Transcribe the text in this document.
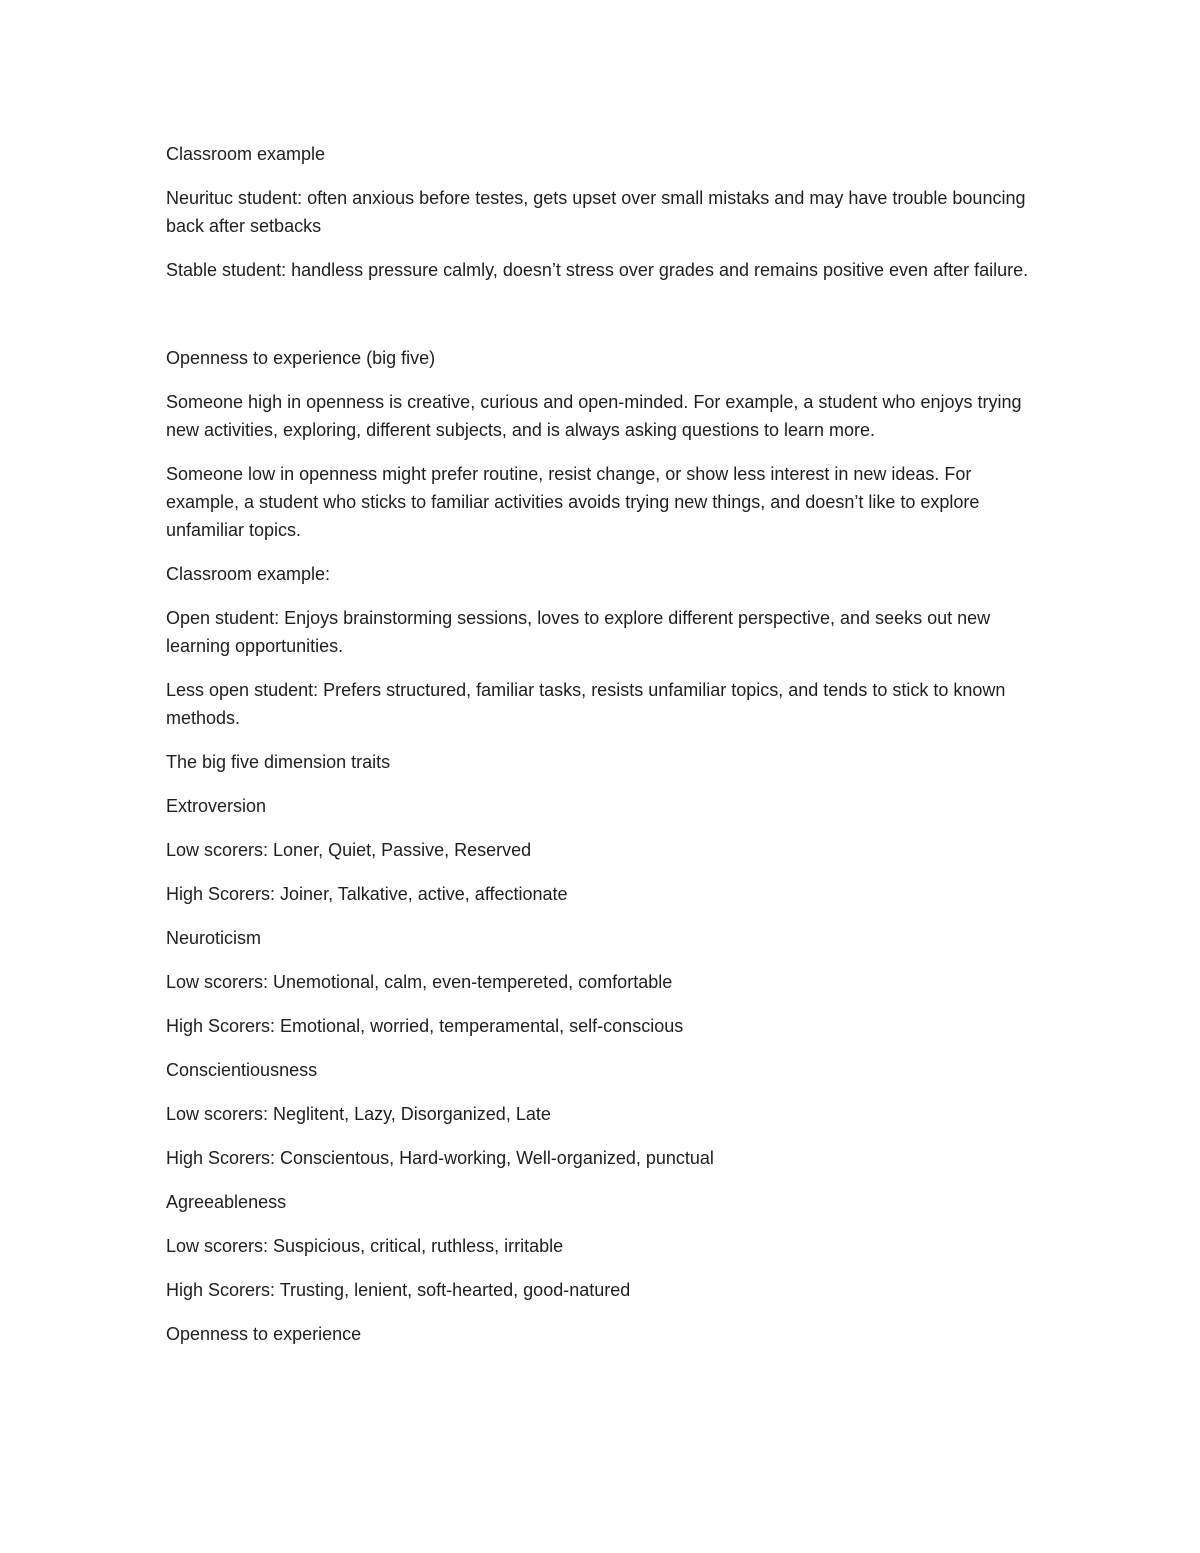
Classroom example

Neurituc student: often anxious before testes, gets upset over small mistaks and may have trouble bouncing back after setbacks

Stable student: handless pressure calmly, doesn’t stress over grades and remains positive even after failure.

Openness to experience (big five)

Someone high in openness is creative, curious and open-minded. For example, a student who enjoys trying new activities, exploring, different subjects, and is always asking questions to learn more.

Someone low in openness might prefer routine, resist change, or show less interest in new ideas. For example, a student who sticks to familiar activities avoids trying new things, and doesn’t like to explore unfamiliar topics.

Classroom example:

Open student: Enjoys brainstorming sessions, loves to explore different perspective, and seeks out new learning opportunities.

Less open student: Prefers structured, familiar tasks, resists unfamiliar topics, and tends to stick to known methods.

The big five dimension traits

Extroversion

Low scorers: Loner, Quiet, Passive, Reserved

High Scorers: Joiner, Talkative, active, affectionate

Neuroticism

Low scorers: Unemotional, calm, even-tempereted, comfortable

High Scorers: Emotional, worried, temperamental, self-conscious

Conscientiousness

Low scorers: Neglitent, Lazy, Disorganized, Late

High Scorers: Conscientous, Hard-working, Well-organized, punctual

Agreeableness

Low scorers: Suspicious, critical, ruthless, irritable

High Scorers: Trusting, lenient, soft-hearted, good-natured

Openness to experience
